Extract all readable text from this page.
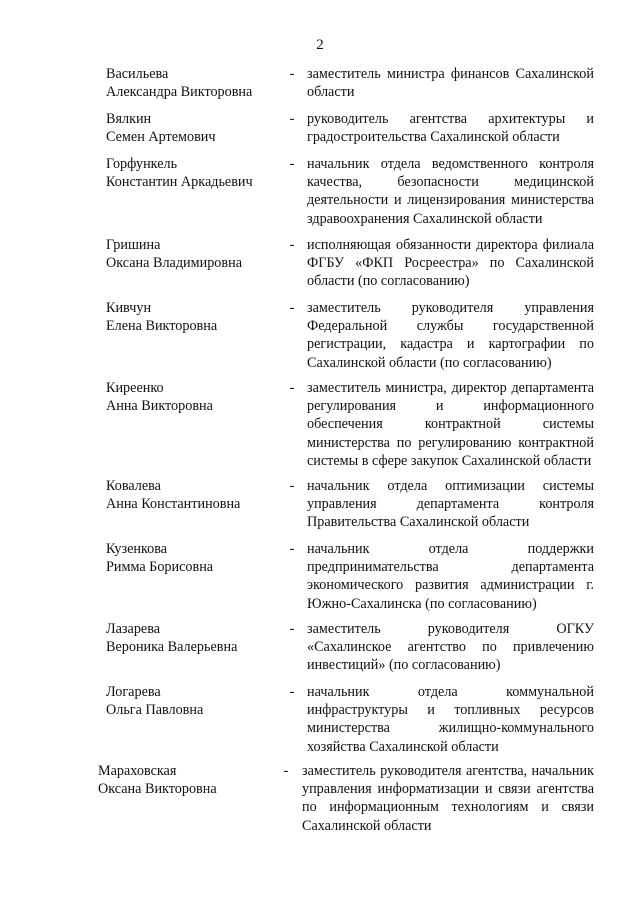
2
Васильева
Александра Викторовна
- заместитель министра финансов Сахалинской области
Вялкин
Семен Артемович
- руководитель агентства архитектуры и градостроительства Сахалинской области
Горфункель
Константин Аркадьевич
- начальник отдела ведомственного контроля качества, безопасности медицинской деятельности и лицензирования министерства здравоохранения Сахалинской области
Гришина
Оксана Владимировна
- исполняющая обязанности директора филиала ФГБУ «ФКП Росреестра» по Сахалинской области (по согласованию)
Кивчун
Елена Викторовна
- заместитель руководителя управления Федеральной службы государственной регистрации, кадастра и картографии по Сахалинской области (по согласованию)
Киреенко
Анна Викторовна
- заместитель министра, директор департамента регулирования и информационного обеспечения контрактной системы министерства по регулированию контрактной системы в сфере закупок Сахалинской области
Ковалева
Анна Константиновна
- начальник отдела оптимизации системы управления департамента контроля Правительства Сахалинской области
Кузенкова
Римма Борисовна
- начальник отдела поддержки предпринимательства департамента экономического развития администрации г. Южно-Сахалинска (по согласованию)
Лазарева
Вероника Валерьевна
- заместитель руководителя ОГКУ «Сахалинское агентство по привлечению инвестиций» (по согласованию)
Логарева
Ольга Павловна
- начальник отдела коммунальной инфраструктуры и топливных ресурсов министерства жилищно-коммунального хозяйства Сахалинской области
Мараховская
Оксана Викторовна
- заместитель руководителя агентства, начальник управления информатизации и связи агентства по информационным технологиям и связи Сахалинской области
